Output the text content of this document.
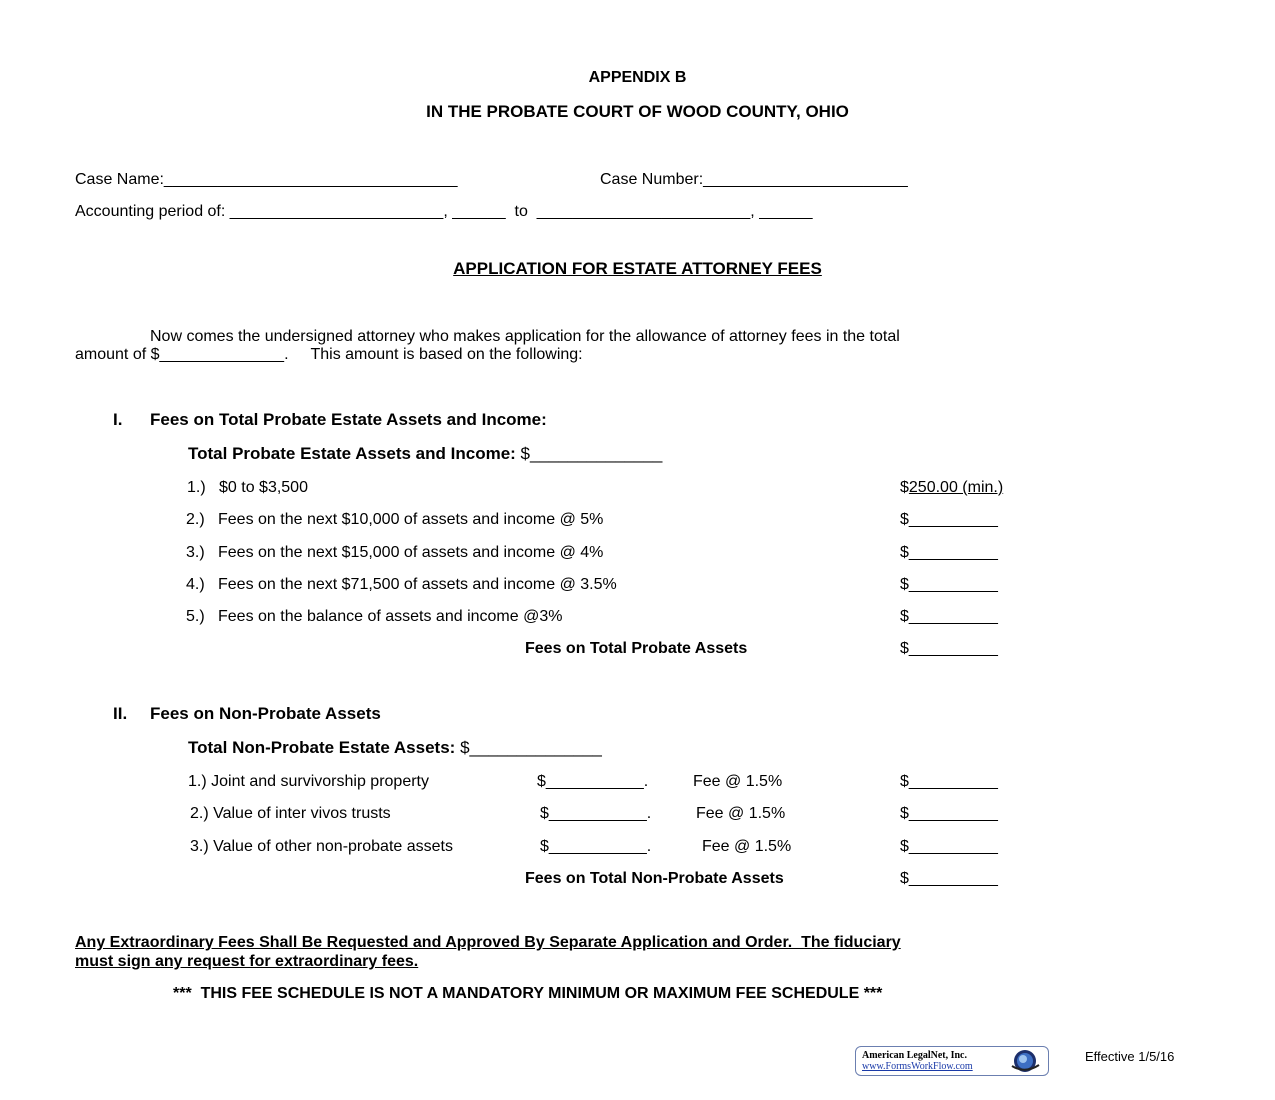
APPENDIX B
IN THE PROBATE COURT OF WOOD COUNTY, OHIO
Case Name:_________________________________	Case Number:_______________________
Accounting period of: ________________________, ______  to  ________________________, ______
APPLICATION FOR ESTATE ATTORNEY FEES
Now comes the undersigned attorney who makes application for the allowance of attorney fees in the total
amount of $______________.     This amount is based on the following:
I. Fees on Total Probate Estate Assets and Income:
Total Probate Estate Assets and Income: $______________
1.)   $0 to $3,500	$250.00 (min.)
2.)   Fees on the next $10,000 of assets and income @ 5%	$__________
3.)   Fees on the next $15,000 of assets and income @ 4%	$__________
4.)   Fees on the next $71,500 of assets and income @ 3.5%	$__________
5.)   Fees on the balance of assets and income @3%	$__________
Fees on Total Probate Assets	$__________
II. Fees on Non-Probate Assets
Total Non-Probate Estate Assets: $______________
1.) Joint and survivorship property	$___________.	Fee @ 1.5%	$__________
2.) Value of inter vivos trusts	$___________.	Fee @ 1.5%	$__________
3.) Value of other non-probate assets	$___________.	Fee @ 1.5%	$__________
Fees on Total Non-Probate Assets	$__________
Any Extraordinary Fees Shall Be Requested and Approved By Separate Application and Order.  The fiduciary
must sign any request for extraordinary fees.
***  THIS FEE SCHEDULE IS NOT A MANDATORY MINIMUM OR MAXIMUM FEE SCHEDULE ***
American LegalNet, Inc.
www.FormsWorkFlow.com
Effective 1/5/16
